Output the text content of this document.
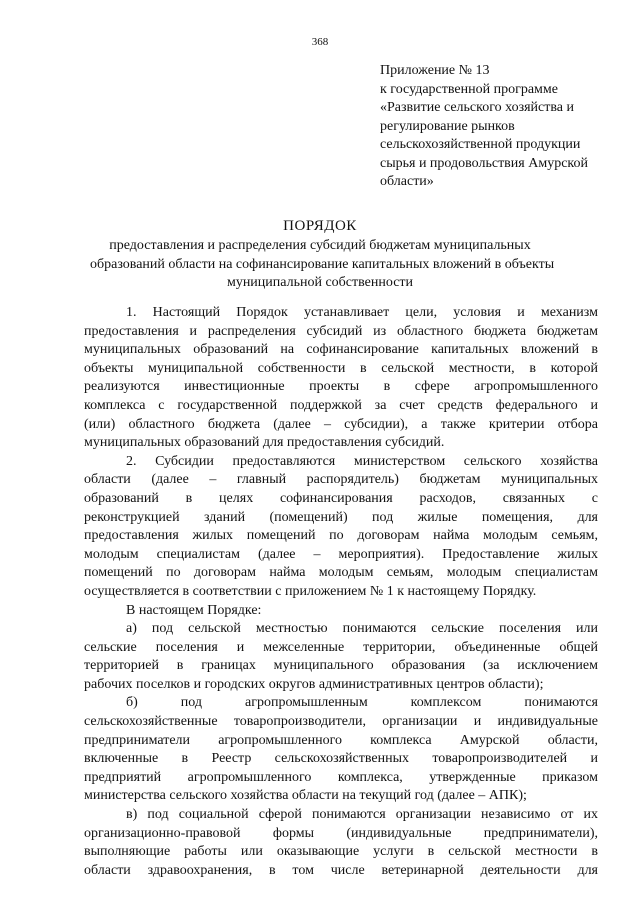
368
Приложение № 13
к государственной программе
«Развитие сельского хозяйства и
регулирование рынков
сельскохозяйственной продукции
сырья и продовольствия Амурской
области»
ПОРЯДОК
предоставления и распределения субсидий бюджетам муниципальных
образований области на софинансирование капитальных вложений в объекты
муниципальной собственности
1. Настоящий Порядок устанавливает цели, условия и механизм
предоставления и распределения субсидий из областного бюджета бюджетам
муниципальных образований на софинансирование капитальных вложений в
объекты муниципальной собственности в сельской местности, в которой
реализуются инвестиционные проекты в сфере агропромышленного
комплекса с государственной поддержкой за счет средств федерального и
(или) областного бюджета (далее – субсидии), а также критерии отбора
муниципальных образований для предоставления субсидий.
2. Субсидии предоставляются министерством сельского хозяйства
области (далее – главный распорядитель) бюджетам муниципальных
образований в целях софинансирования расходов, связанных с
реконструкцией зданий (помещений) под жилые помещения, для
предоставления жилых помещений по договорам найма молодым семьям,
молодым специалистам (далее – мероприятия). Предоставление жилых
помещений по договорам найма молодым семьям, молодым специалистам
осуществляется в соответствии с приложением № 1 к настоящему Порядку.
В настоящем Порядке:
а) под сельской местностью понимаются сельские поселения или
сельские поселения и межселенные территории, объединенные общей
территорией в границах муниципального образования (за исключением
рабочих поселков и городских округов административных центров области);
б) под агропромышленным комплексом понимаются
сельскохозяйственные товаропроизводители, организации и индивидуальные
предприниматели агропромышленного комплекса Амурской области,
включенные в Реестр сельскохозяйственных товаропроизводителей и
предприятий агропромышленного комплекса, утвержденные приказом
министерства сельского хозяйства области на текущий год (далее – АПК);
в) под социальной сферой понимаются организации независимо от их
организационно-правовой формы (индивидуальные предприниматели),
выполняющие работы или оказывающие услуги в сельской местности в
области здравоохранения, в том числе ветеринарной деятельности для
